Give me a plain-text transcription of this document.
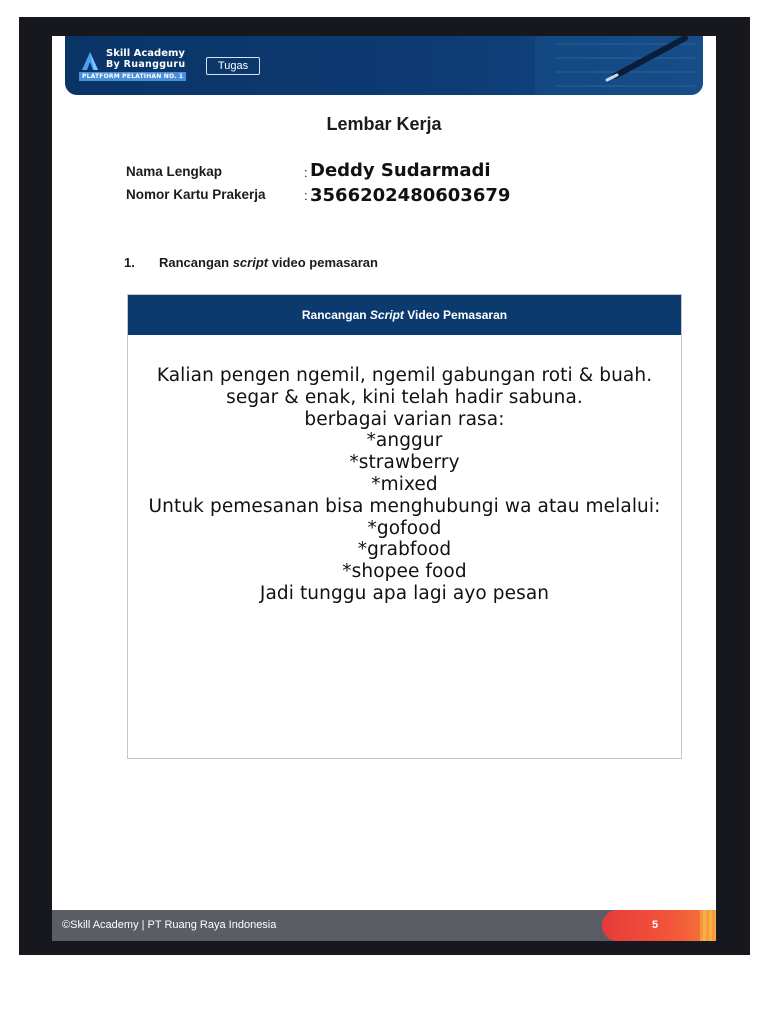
Skill Academy
By Ruangguru
PLATFORM PELATIHAN NO. 1
Tugas
Lembar Kerja
Nama Lengkap	: Deddy Sudarmadi
Nomor Kartu Prakerja	: 3566202480603679
1. Rancangan script video pemasaran
Rancangan Script Video Pemasaran
Kalian pengen ngemil, ngemil gabungan roti & buah.
segar & enak, kini telah hadir sabuna.
berbagai varian rasa:
*anggur
*strawberry
*mixed
Untuk pemesanan bisa menghubungi wa atau melalui:
*gofood
*grabfood
*shopee food
Jadi tunggu apa lagi ayo pesan
©Skill Academy | PT Ruang Raya Indonesia	5
